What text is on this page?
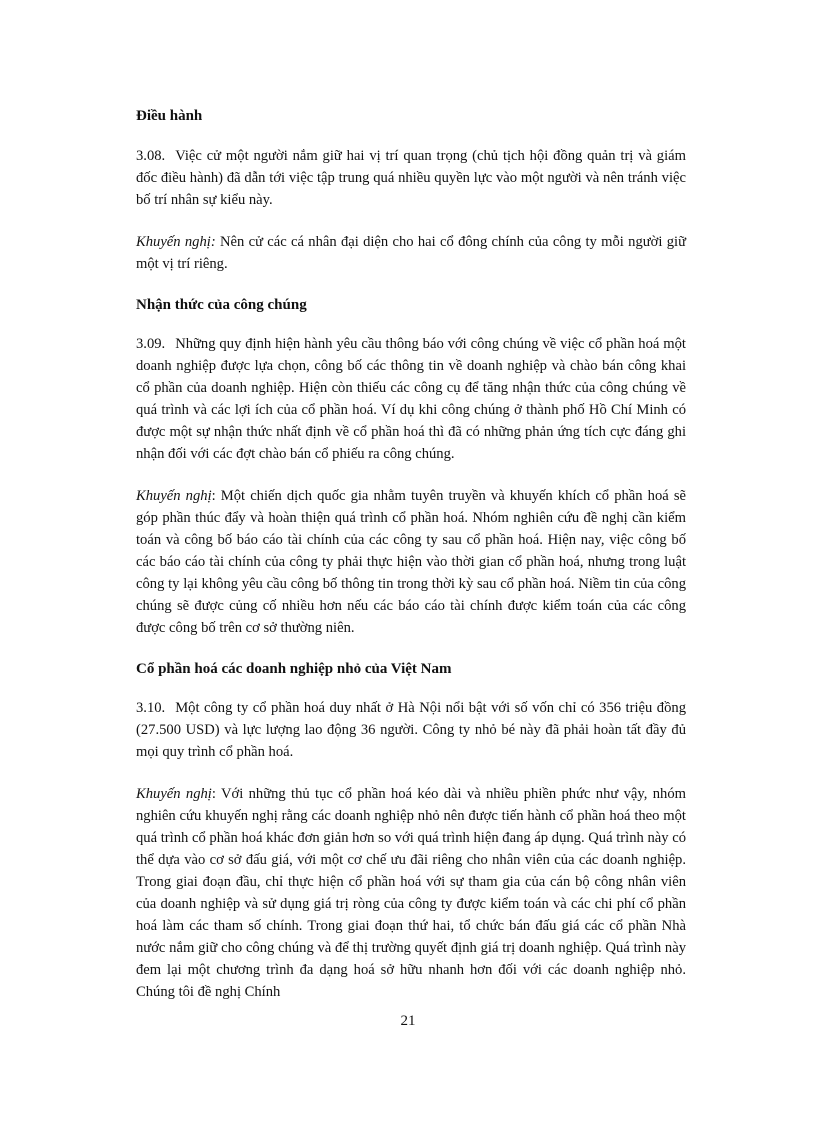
Điều hành

3.08. Việc cử một người nắm giữ hai vị trí quan trọng (chủ tịch hội đồng quản trị và giám đốc điều hành) đã dẫn tới việc tập trung quá nhiều quyền lực vào một người và nên tránh việc bố trí nhân sự kiểu này.

Khuyến nghị: Nên cử các cá nhân đại diện cho hai cổ đông chính của công ty mỗi người giữ một vị trí riêng.

Nhận thức của công chúng

3.09. Những quy định hiện hành yêu cầu thông báo với công chúng về việc cổ phần hoá một doanh nghiệp được lựa chọn, công bố các thông tin về doanh nghiệp và chào bán công khai cổ phần của doanh nghiệp. Hiện còn thiếu các công cụ để tăng nhận thức của công chúng về quá trình và các lợi ích của cổ phần hoá. Ví dụ khi công chúng ở thành phố Hồ Chí Minh có được một sự nhận thức nhất định về cổ phần hoá thì đã có những phản ứng tích cực đáng ghi nhận đối với các đợt chào bán cổ phiếu ra công chúng.

Khuyến nghị: Một chiến dịch quốc gia nhằm tuyên truyền và khuyến khích cổ phần hoá sẽ góp phần thúc đẩy và hoàn thiện quá trình cổ phần hoá. Nhóm nghiên cứu đề nghị cần kiểm toán và công bố báo cáo tài chính của các công ty sau cổ phần hoá. Hiện nay, việc công bố các báo cáo tài chính của công ty phải thực hiện vào thời gian cổ phần hoá, nhưng trong luật công ty lại không yêu cầu công bố thông tin trong thời kỳ sau cổ phần hoá. Niềm tin của công chúng sẽ được củng cố nhiều hơn nếu các báo cáo tài chính được kiểm toán của các công được công bố trên cơ sở thường niên.

Cổ phần hoá các doanh nghiệp nhỏ của Việt Nam

3.10. Một công ty cổ phần hoá duy nhất ở Hà Nội nổi bật với số vốn chỉ có 356 triệu đồng (27.500 USD) và lực lượng lao động 36 người. Công ty nhỏ bé này đã phải hoàn tất đầy đủ mọi quy trình cổ phần hoá.

Khuyến nghị: Với những thủ tục cổ phần hoá kéo dài và nhiều phiền phức như vậy, nhóm nghiên cứu khuyến nghị rằng các doanh nghiệp nhỏ nên được tiến hành cổ phần hoá theo một quá trình cổ phần hoá khác đơn giản hơn so với quá trình hiện đang áp dụng. Quá trình này có thể dựa vào cơ sở đấu giá, với một cơ chế ưu đãi riêng cho nhân viên của các doanh nghiệp. Trong giai đoạn đầu, chỉ thực hiện cổ phần hoá với sự tham gia của cán bộ công nhân viên của doanh nghiệp và sử dụng giá trị ròng của công ty được kiểm toán và các chi phí cổ phần hoá làm các tham số chính. Trong giai đoạn thứ hai, tổ chức bán đấu giá các cổ phần Nhà nước nắm giữ cho công chúng và để thị trường quyết định giá trị doanh nghiệp. Quá trình này đem lại một chương trình đa dạng hoá sở hữu nhanh hơn đối với các doanh nghiệp nhỏ. Chúng tôi đề nghị Chính

21
